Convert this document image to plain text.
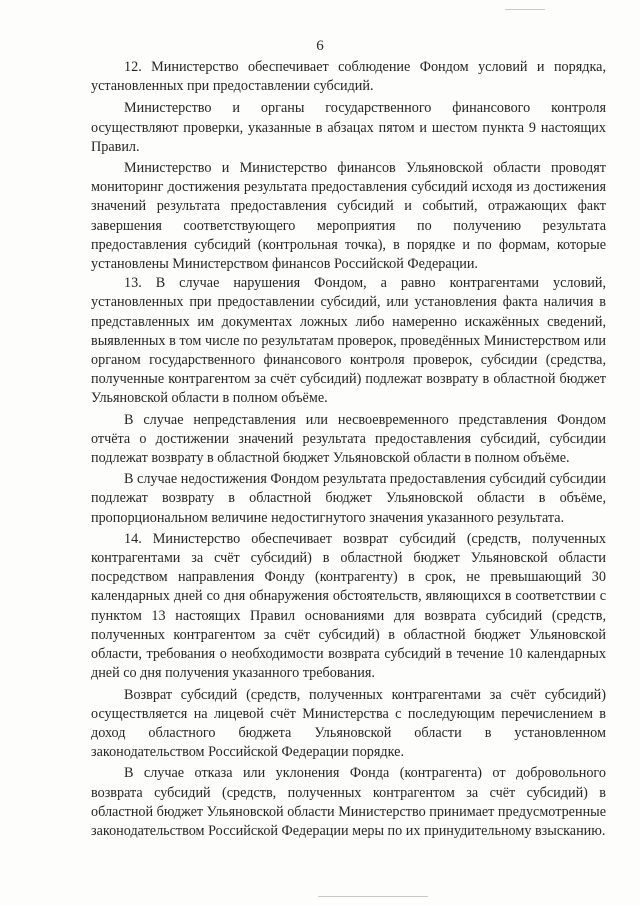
6

12. Министерство обеспечивает соблюдение Фондом условий и порядка, установленных при предоставлении субсидий.

Министерство и органы государственного финансового контроля осуществляют проверки, указанные в абзацах пятом и шестом пункта 9 настоящих Правил.

Министерство и Министерство финансов Ульяновской области проводят мониторинг достижения результата предоставления субсидий исходя из достижения значений результата предоставления субсидий и событий, отражающих факт завершения соответствующего мероприятия по получению результата предоставления субсидий (контрольная точка), в порядке и по формам, которые установлены Министерством финансов Российской Федерации.

13. В случае нарушения Фондом, а равно контрагентами условий, установленных при предоставлении субсидий, или установления факта наличия в представленных им документах ложных либо намеренно искажённых сведений, выявленных в том числе по результатам проверок, проведённых Министерством или органом государственного финансового контроля проверок, субсидии (средства, полученные контрагентом за счёт субсидий) подлежат возврату в областной бюджет Ульяновской области в полном объёме.

В случае непредставления или несвоевременного представления Фондом отчёта о достижении значений результата предоставления субсидий, субсидии подлежат возврату в областной бюджет Ульяновской области в полном объёме.

В случае недостижения Фондом результата предоставления субсидий субсидии подлежат возврату в областной бюджет Ульяновской области в объёме, пропорциональном величине недостигнутого значения указанного результата.

14. Министерство обеспечивает возврат субсидий (средств, полученных контрагентами за счёт субсидий) в областной бюджет Ульяновской области посредством направления Фонду (контрагенту) в срок, не превышающий 30 календарных дней со дня обнаружения обстоятельств, являющихся в соответствии с пунктом 13 настоящих Правил основаниями для возврата субсидий (средств, полученных контрагентом за счёт субсидий) в областной бюджет Ульяновской области, требования о необходимости возврата субсидий в течение 10 календарных дней со дня получения указанного требования.

Возврат субсидий (средств, полученных контрагентами за счёт субсидий) осуществляется на лицевой счёт Министерства с последующим перечислением в доход областного бюджета Ульяновской области в установленном законодательством Российской Федерации порядке.

В случае отказа или уклонения Фонда (контрагента) от добровольного возврата субсидий (средств, полученных контрагентом за счёт субсидий) в областной бюджет Ульяновской области Министерство принимает предусмотренные законодательством Российской Федерации меры по их принудительному взысканию.
